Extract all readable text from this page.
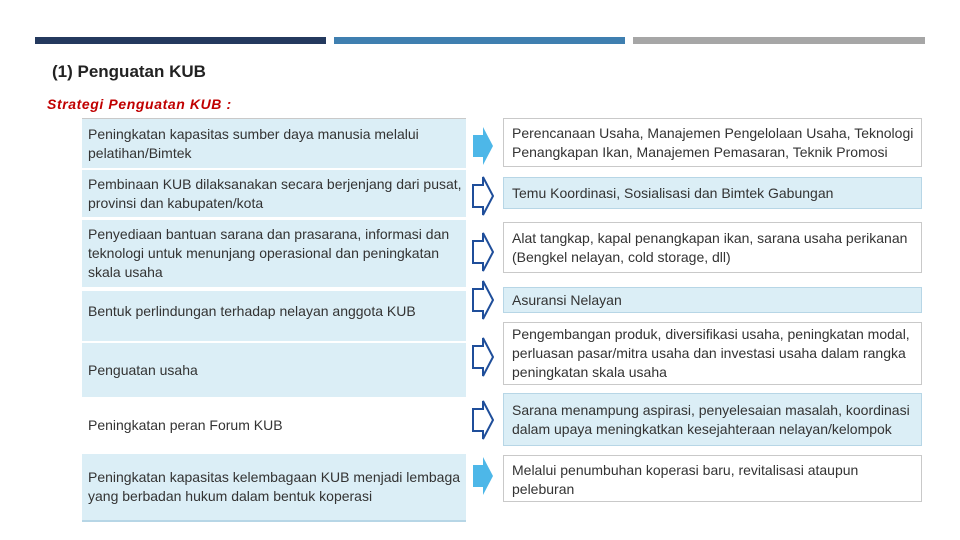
(1) Penguatan KUB
Strategi Penguatan KUB :
Peningkatan kapasitas sumber daya manusia melalui pelatihan/Bimtek
Pembinaan KUB dilaksanakan secara berjenjang dari pusat, provinsi dan kabupaten/kota
Penyediaan bantuan sarana dan prasarana, informasi dan teknologi untuk menunjang operasional dan peningkatan skala usaha
Bentuk perlindungan terhadap nelayan anggota KUB
Penguatan usaha
Peningkatan peran Forum KUB
Peningkatan kapasitas kelembagaan KUB menjadi lembaga yang berbadan hukum dalam bentuk koperasi
Perencanaan Usaha, Manajemen Pengelolaan Usaha, Teknologi Penangkapan Ikan, Manajemen Pemasaran, Teknik Promosi
Temu Koordinasi, Sosialisasi dan Bimtek Gabungan
Alat tangkap, kapal penangkapan ikan, sarana usaha perikanan (Bengkel nelayan, cold storage, dll)
Asuransi Nelayan
Pengembangan produk, diversifikasi usaha, peningkatan modal, perluasan pasar/mitra usaha dan investasi usaha dalam rangka peningkatan skala usaha
Sarana menampung aspirasi, penyelesaian masalah, koordinasi dalam upaya meningkatkan kesejahteraan nelayan/kelompok
Melalui penumbuhan koperasi baru, revitalisasi ataupun peleburan
